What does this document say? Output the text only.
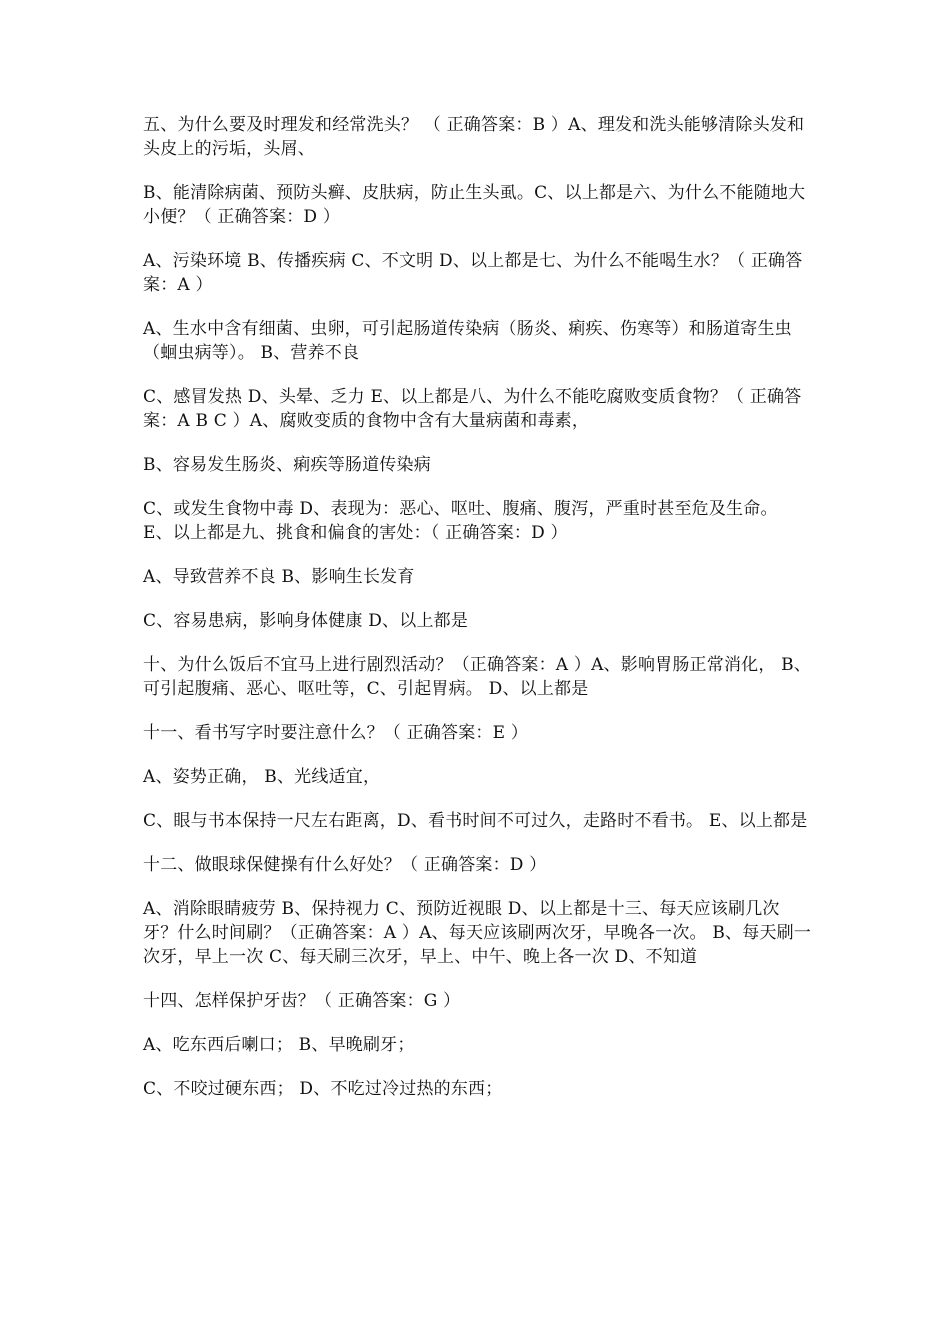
五、为什么要及时理发和经常洗头？ （ 正确答案：B ）A、理发和洗头能够清除头发和头皮上的污垢，头屑、

B、能清除病菌、预防头癣、皮肤病，防止生头虱。C、以上都是六、为什么不能随地大小便？（ 正确答案：D ）

A、污染环境 B、传播疾病 C、不文明 D、以上都是七、为什么不能喝生水？（ 正确答案：A ）

A、生水中含有细菌、虫卵，可引起肠道传染病（肠炎、痢疾、伤寒等）和肠道寄生虫（蛔虫病等）。 B、营养不良

C、感冒发热 D、头晕、乏力 E、以上都是八、为什么不能吃腐败变质食物？（ 正确答案：A B C ）A、腐败变质的食物中含有大量病菌和毒素，

B、容易发生肠炎、痢疾等肠道传染病

C、或发生食物中毒 D、表现为：恶心、呕吐、腹痛、腹泻，严重时甚至危及生命。 E、以上都是九、挑食和偏食的害处：（ 正确答案：D ）

A、导致营养不良 B、影响生长发育

C、容易患病，影响身体健康 D、以上都是

十、为什么饭后不宜马上进行剧烈活动？（正确答案：A ）A、影响胃肠正常消化， B、可引起腹痛、恶心、呕吐等，C、引起胃病。 D、以上都是

十一、看书写字时要注意什么？（ 正确答案：E ）

A、姿势正确， B、光线适宜，

C、眼与书本保持一尺左右距离，D、看书时间不可过久，走路时不看书。 E、以上都是

十二、做眼球保健操有什么好处？（ 正确答案：D ）

A、消除眼睛疲劳 B、保持视力 C、预防近视眼 D、以上都是十三、每天应该刷几次牙？什么时间刷？（正确答案：A ）A、每天应该刷两次牙，早晚各一次。 B、每天刷一次牙，早上一次 C、每天刷三次牙，早上、中午、晚上各一次 D、不知道

十四、怎样保护牙齿？（ 正确答案：G ）

A、吃东西后喇口； B、早晚刷牙；

C、不咬过硬东西； D、不吃过冷过热的东西；
